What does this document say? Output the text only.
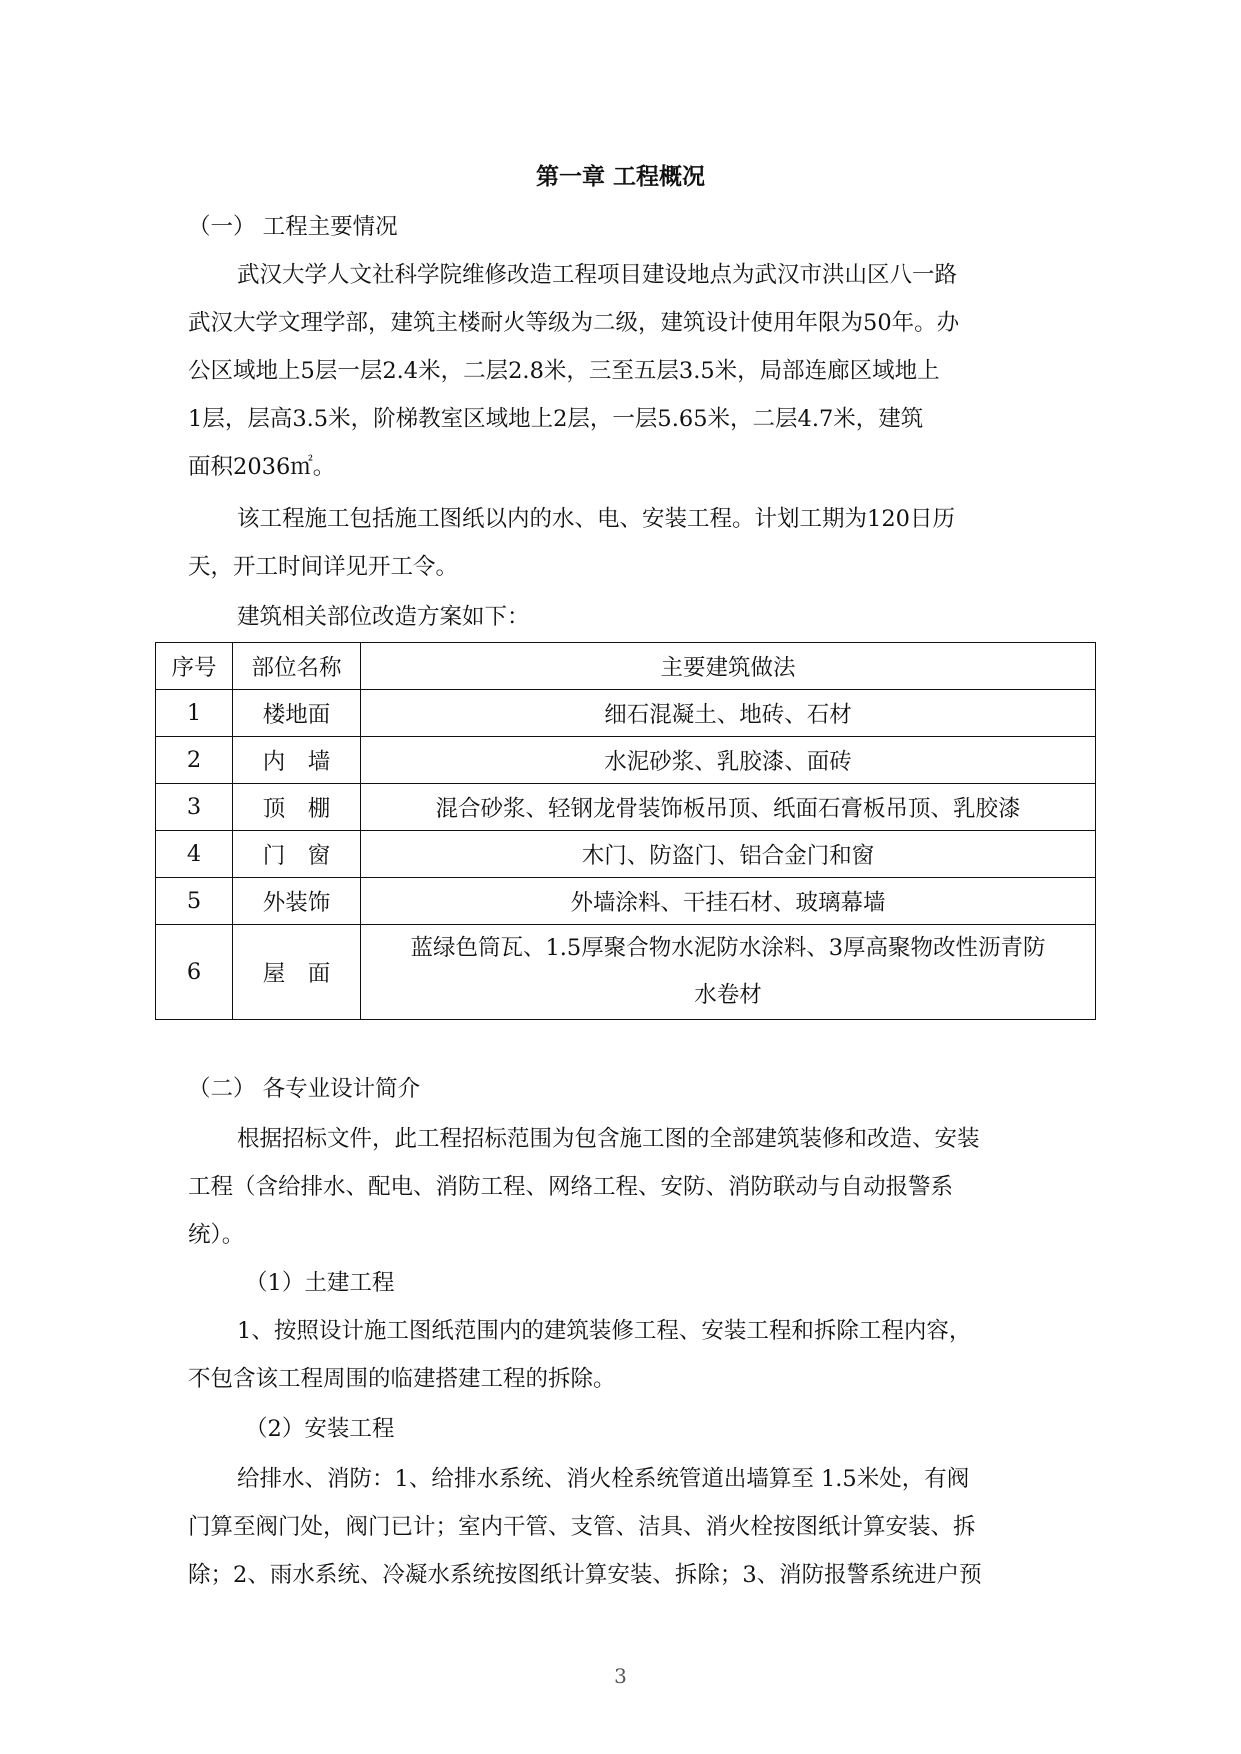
第一章 工程概况
（一） 工程主要情况
武汉大学人文社科学院维修改造工程项目建设地点为武汉市洪山区八一路
武汉大学文理学部，建筑主楼耐火等级为二级，建筑设计使用年限为50年。办
公区域地上5层一层2.4米，二层2.8米，三至五层3.5米，局部连廊区域地上
1层，层高3.5米，阶梯教室区域地上2层，一层5.65米，二层4.7米，建筑
面积2036㎡。
该工程施工包括施工图纸以内的水、电、安装工程。计划工期为120日历
天，开工时间详见开工令。
建筑相关部位改造方案如下：
序号	部位名称	主要建筑做法
1	楼地面	细石混凝土、地砖、石材
2	内　墙	水泥砂浆、乳胶漆、面砖
3	顶　棚	混合砂浆、轻钢龙骨装饰板吊顶、纸面石膏板吊顶、乳胶漆
4	门　窗	木门、防盗门、铝合金门和窗
5	外装饰	外墙涂料、干挂石材、玻璃幕墙
6	屋　面	蓝绿色筒瓦、1.5厚聚合物水泥防水涂料、3厚高聚物改性沥青防
水卷材
（二） 各专业设计简介
根据招标文件，此工程招标范围为包含施工图的全部建筑装修和改造、安装
工程（含给排水、配电、消防工程、网络工程、安防、消防联动与自动报警系
统）。
（1）土建工程
1、按照设计施工图纸范围内的建筑装修工程、安装工程和拆除工程内容，
不包含该工程周围的临建搭建工程的拆除。
（2）安装工程
给排水、消防：1、给排水系统、消火栓系统管道出墙算至 1.5米处，有阀
门算至阀门处，阀门已计；室内干管、支管、洁具、消火栓按图纸计算安装、拆
除；2、雨水系统、冷凝水系统按图纸计算安装、拆除；3、消防报警系统进户预
3
